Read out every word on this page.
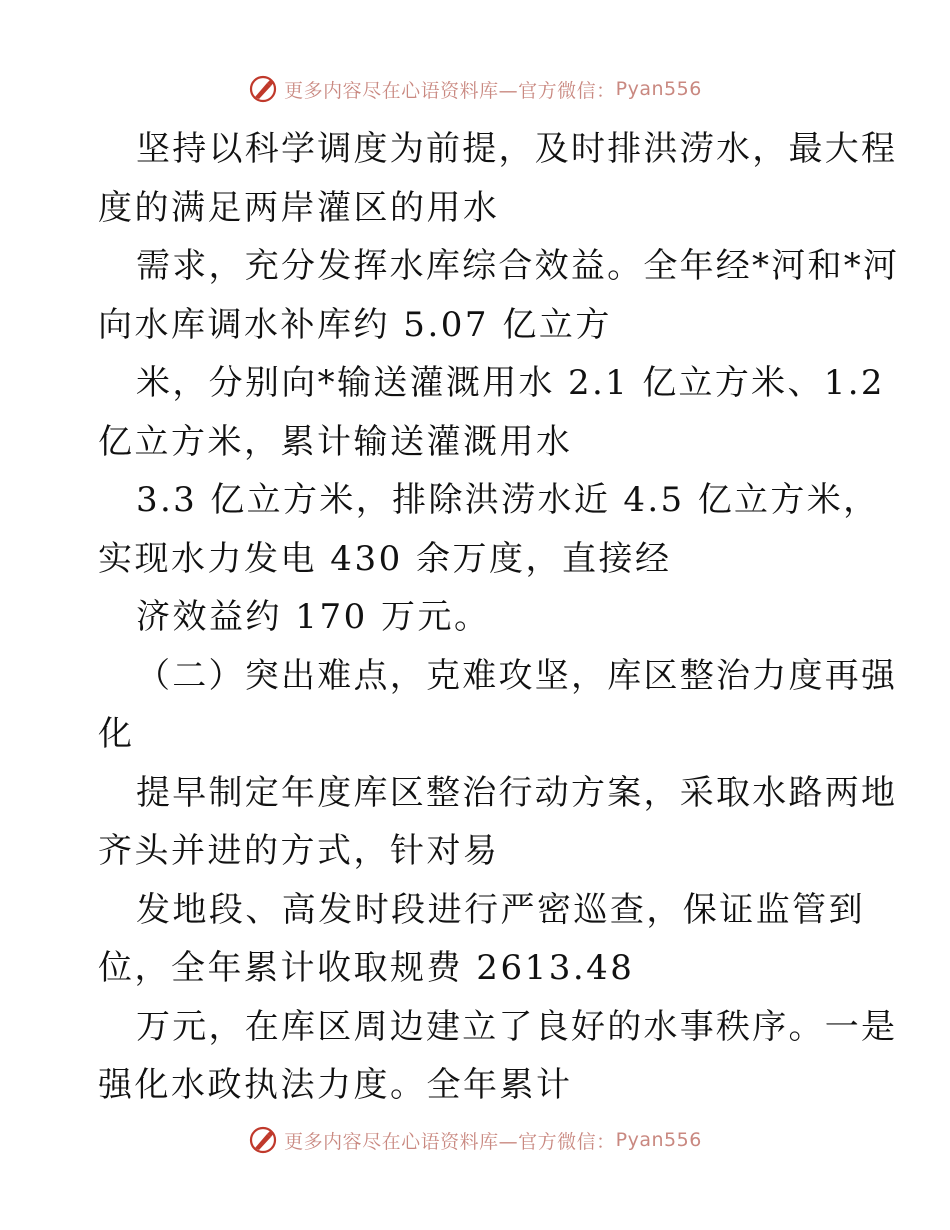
更多内容尽在心语资料库—官方微信： Pyan556
坚持以科学调度为前提，及时排洪涝水，最大程
度的满足两岸灌区的用水
需求，充分发挥水库综合效益。全年经*河和*河
向水库调水补库约 5.07 亿立方
米，分别向*输送灌溉用水 2.1 亿立方米、1.2
亿立方米，累计输送灌溉用水
3.3 亿立方米，排除洪涝水近 4.5 亿立方米，
实现水力发电 430 余万度，直接经
济效益约 170 万元。
（二）突出难点，克难攻坚，库区整治力度再强
化
提早制定年度库区整治行动方案，采取水路两地
齐头并进的方式，针对易
发地段、高发时段进行严密巡查，保证监管到
位，全年累计收取规费 2613.48
万元，在库区周边建立了良好的水事秩序。一是
强化水政执法力度。全年累计
更多内容尽在心语资料库—官方微信： Pyan556
